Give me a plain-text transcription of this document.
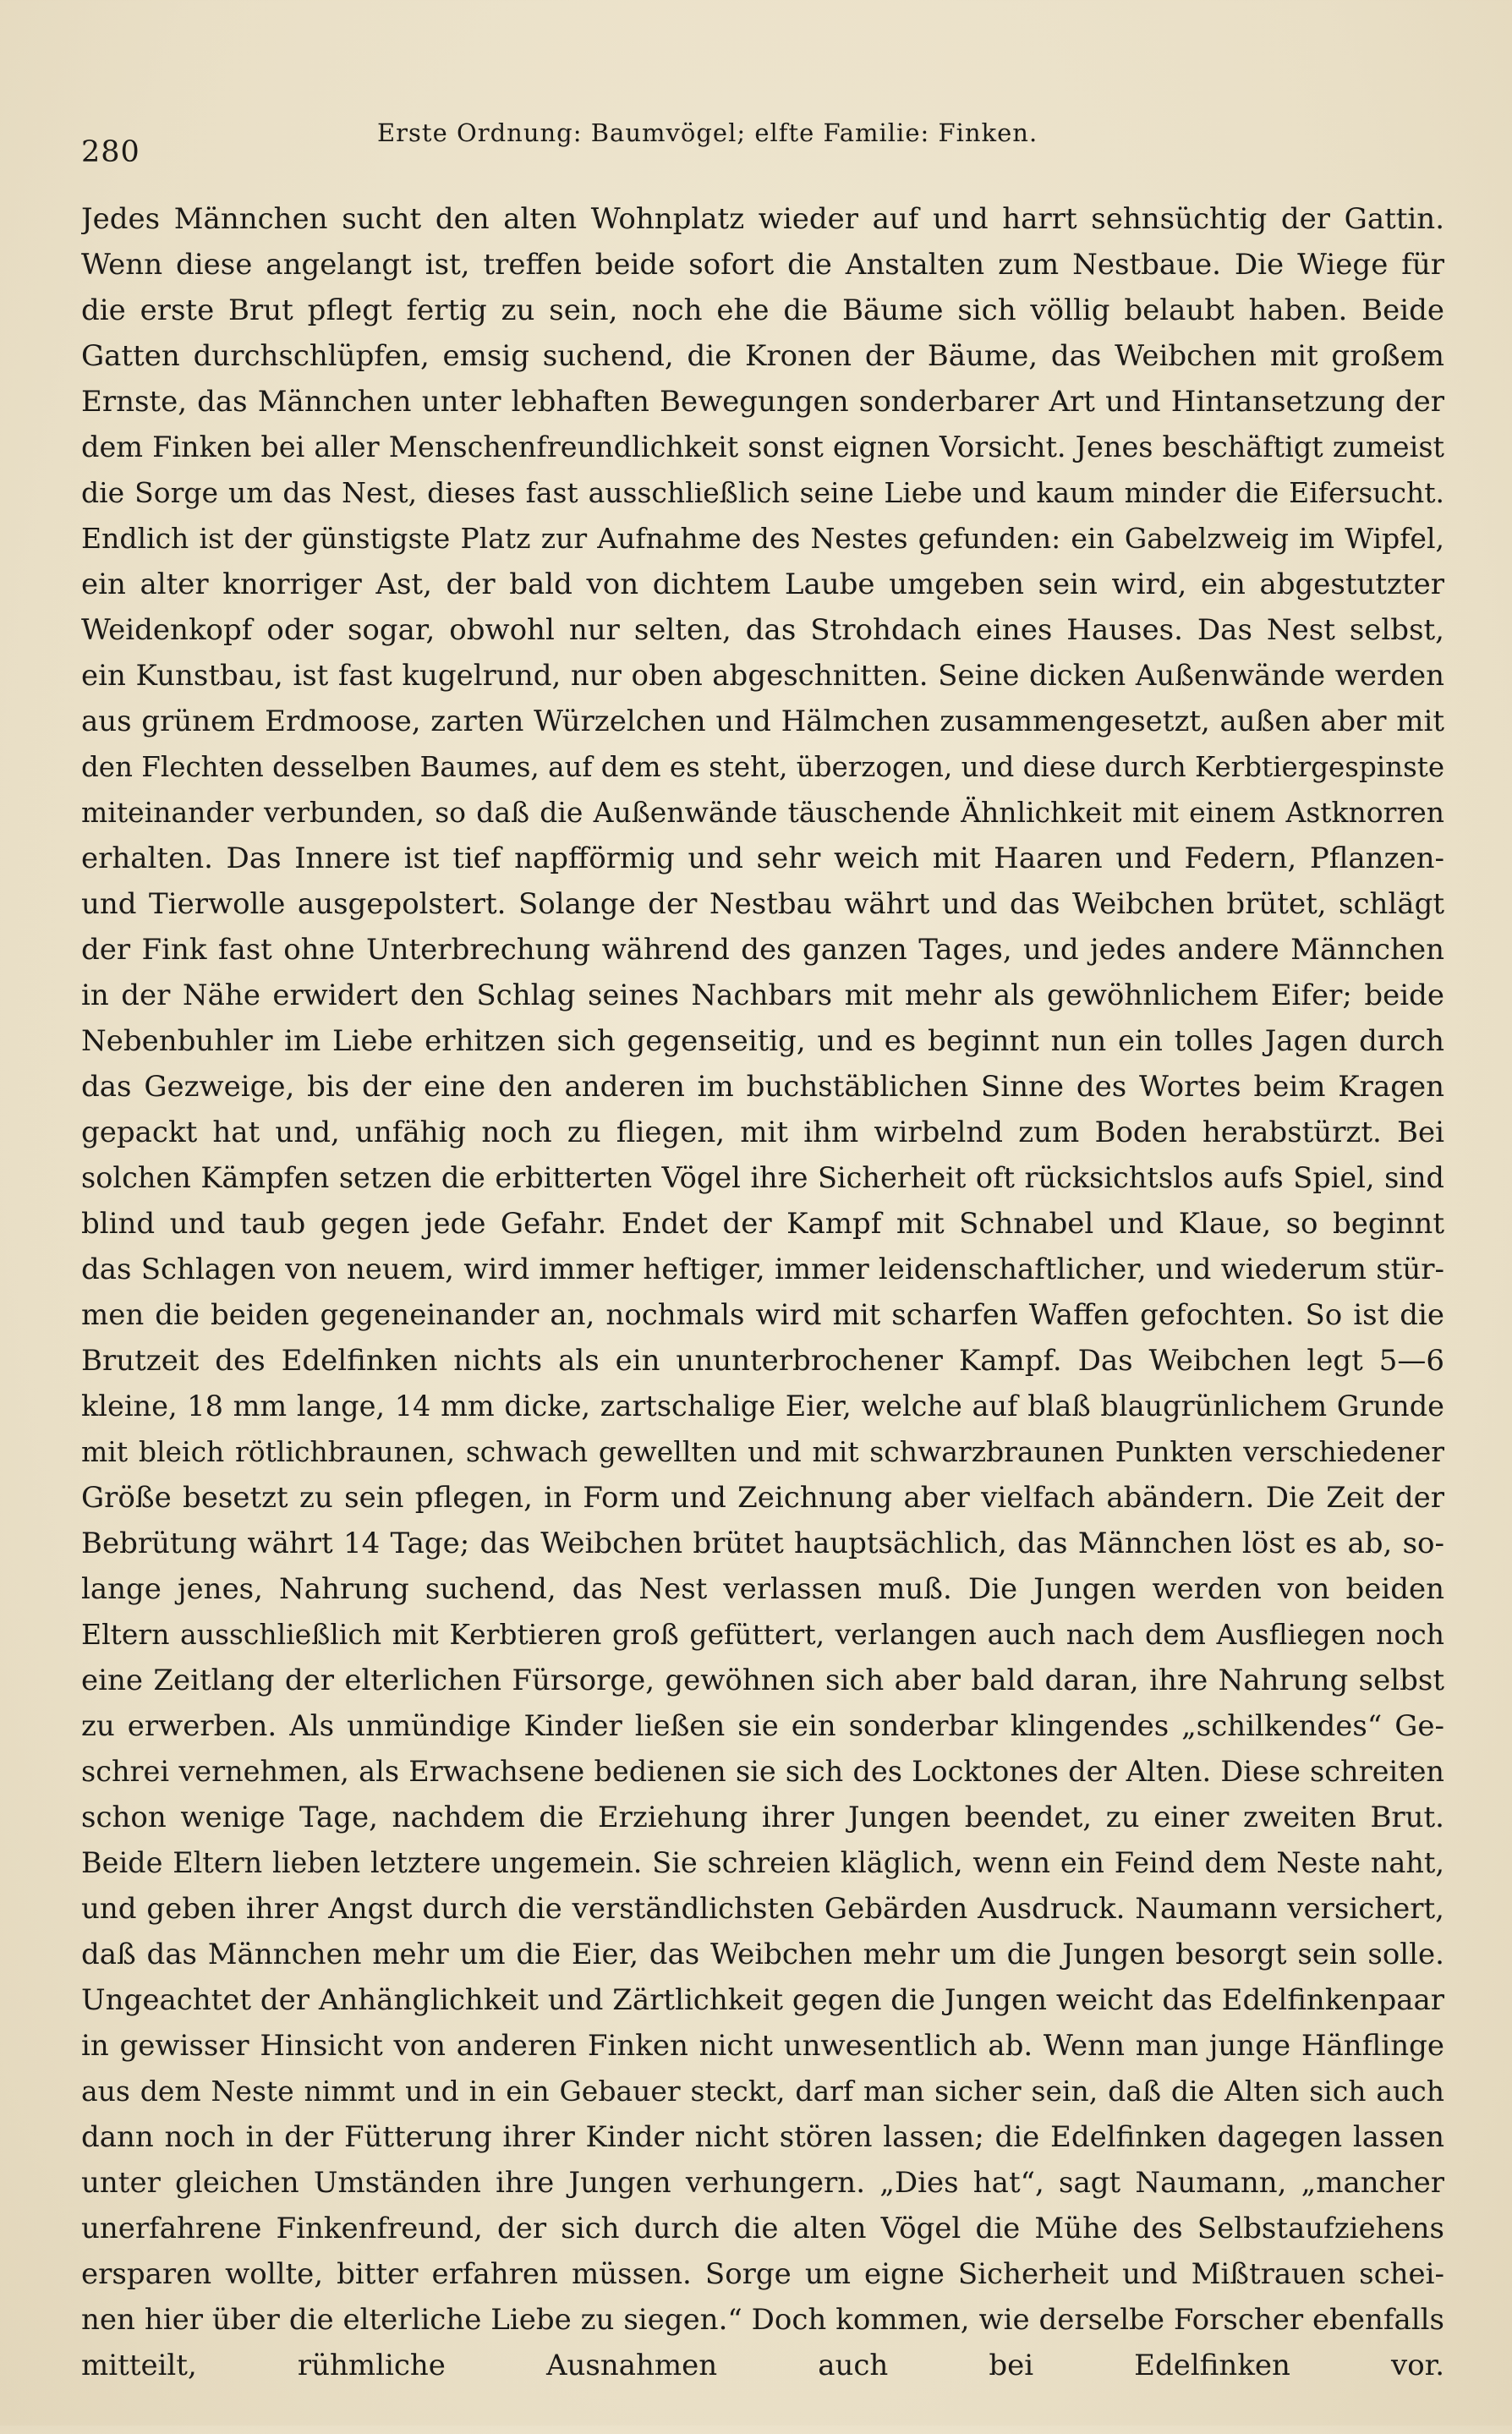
280
Erste Ordnung: Baumvögel; elfte Familie: Finken.
Jedes Männchen sucht den alten Wohnplatz wieder auf und harrt sehnsüchtig der Gattin.
Wenn diese angelangt ist, treffen beide sofort die Anstalten zum Nestbaue. Die Wiege für
die erste Brut pflegt fertig zu sein, noch ehe die Bäume sich völlig belaubt haben. Beide
Gatten durchschlüpfen, emsig suchend, die Kronen der Bäume, das Weibchen mit großem
Ernste, das Männchen unter lebhaften Bewegungen sonderbarer Art und Hintansetzung der
dem Finken bei aller Menschenfreundlichkeit sonst eignen Vorsicht. Jenes beschäftigt zumeist
die Sorge um das Nest, dieses fast ausschließlich seine Liebe und kaum minder die Eifersucht.
Endlich ist der günstigste Platz zur Aufnahme des Nestes gefunden: ein Gabelzweig im Wipfel,
ein alter knorriger Ast, der bald von dichtem Laube umgeben sein wird, ein abgestutzter
Weidenkopf oder sogar, obwohl nur selten, das Strohdach eines Hauses. Das Nest selbst,
ein Kunstbau, ist fast kugelrund, nur oben abgeschnitten. Seine dicken Außenwände werden
aus grünem Erdmoose, zarten Würzelchen und Hälmchen zusammengesetzt, außen aber mit
den Flechten desselben Baumes, auf dem es steht, überzogen, und diese durch Kerbtiergespinste
miteinander verbunden, so daß die Außenwände täuschende Ähnlichkeit mit einem Astknorren
erhalten. Das Innere ist tief napfförmig und sehr weich mit Haaren und Federn, Pflanzen-
und Tierwolle ausgepolstert. Solange der Nestbau währt und das Weibchen brütet, schlägt
der Fink fast ohne Unterbrechung während des ganzen Tages, und jedes andere Männchen
in der Nähe erwidert den Schlag seines Nachbars mit mehr als gewöhnlichem Eifer; beide
Nebenbuhler im Liebe erhitzen sich gegenseitig, und es beginnt nun ein tolles Jagen durch
das Gezweige, bis der eine den anderen im buchstäblichen Sinne des Wortes beim Kragen
gepackt hat und, unfähig noch zu fliegen, mit ihm wirbelnd zum Boden herabstürzt. Bei
solchen Kämpfen setzen die erbitterten Vögel ihre Sicherheit oft rücksichtslos aufs Spiel, sind
blind und taub gegen jede Gefahr. Endet der Kampf mit Schnabel und Klaue, so beginnt
das Schlagen von neuem, wird immer heftiger, immer leidenschaftlicher, und wiederum stür-
men die beiden gegeneinander an, nochmals wird mit scharfen Waffen gefochten. So ist die
Brutzeit des Edelfinken nichts als ein ununterbrochener Kampf. Das Weibchen legt 5—6
kleine, 18 mm lange, 14 mm dicke, zartschalige Eier, welche auf blaß blaugrünlichem Grunde
mit bleich rötlichbraunen, schwach gewellten und mit schwarzbraunen Punkten verschiedener
Größe besetzt zu sein pflegen, in Form und Zeichnung aber vielfach abändern. Die Zeit der
Bebrütung währt 14 Tage; das Weibchen brütet hauptsächlich, das Männchen löst es ab, so-
lange jenes, Nahrung suchend, das Nest verlassen muß. Die Jungen werden von beiden
Eltern ausschließlich mit Kerbtieren groß gefüttert, verlangen auch nach dem Ausfliegen noch
eine Zeitlang der elterlichen Fürsorge, gewöhnen sich aber bald daran, ihre Nahrung selbst
zu erwerben. Als unmündige Kinder ließen sie ein sonderbar klingendes „schilkendes“ Ge-
schrei vernehmen, als Erwachsene bedienen sie sich des Locktones der Alten. Diese schreiten
schon wenige Tage, nachdem die Erziehung ihrer Jungen beendet, zu einer zweiten Brut.
Beide Eltern lieben letztere ungemein. Sie schreien kläglich, wenn ein Feind dem Neste naht,
und geben ihrer Angst durch die verständlichsten Gebärden Ausdruck. Naumann versichert,
daß das Männchen mehr um die Eier, das Weibchen mehr um die Jungen besorgt sein solle.
Ungeachtet der Anhänglichkeit und Zärtlichkeit gegen die Jungen weicht das Edelfinkenpaar
in gewisser Hinsicht von anderen Finken nicht unwesentlich ab. Wenn man junge Hänflinge
aus dem Neste nimmt und in ein Gebauer steckt, darf man sicher sein, daß die Alten sich auch
dann noch in der Fütterung ihrer Kinder nicht stören lassen; die Edelfinken dagegen lassen
unter gleichen Umständen ihre Jungen verhungern. „Dies hat“, sagt Naumann, „mancher
unerfahrene Finkenfreund, der sich durch die alten Vögel die Mühe des Selbstaufziehens
ersparen wollte, bitter erfahren müssen. Sorge um eigne Sicherheit und Mißtrauen schei-
nen hier über die elterliche Liebe zu siegen.“ Doch kommen, wie derselbe Forscher ebenfalls
mitteilt, rühmliche Ausnahmen auch bei Edelfinken vor.
